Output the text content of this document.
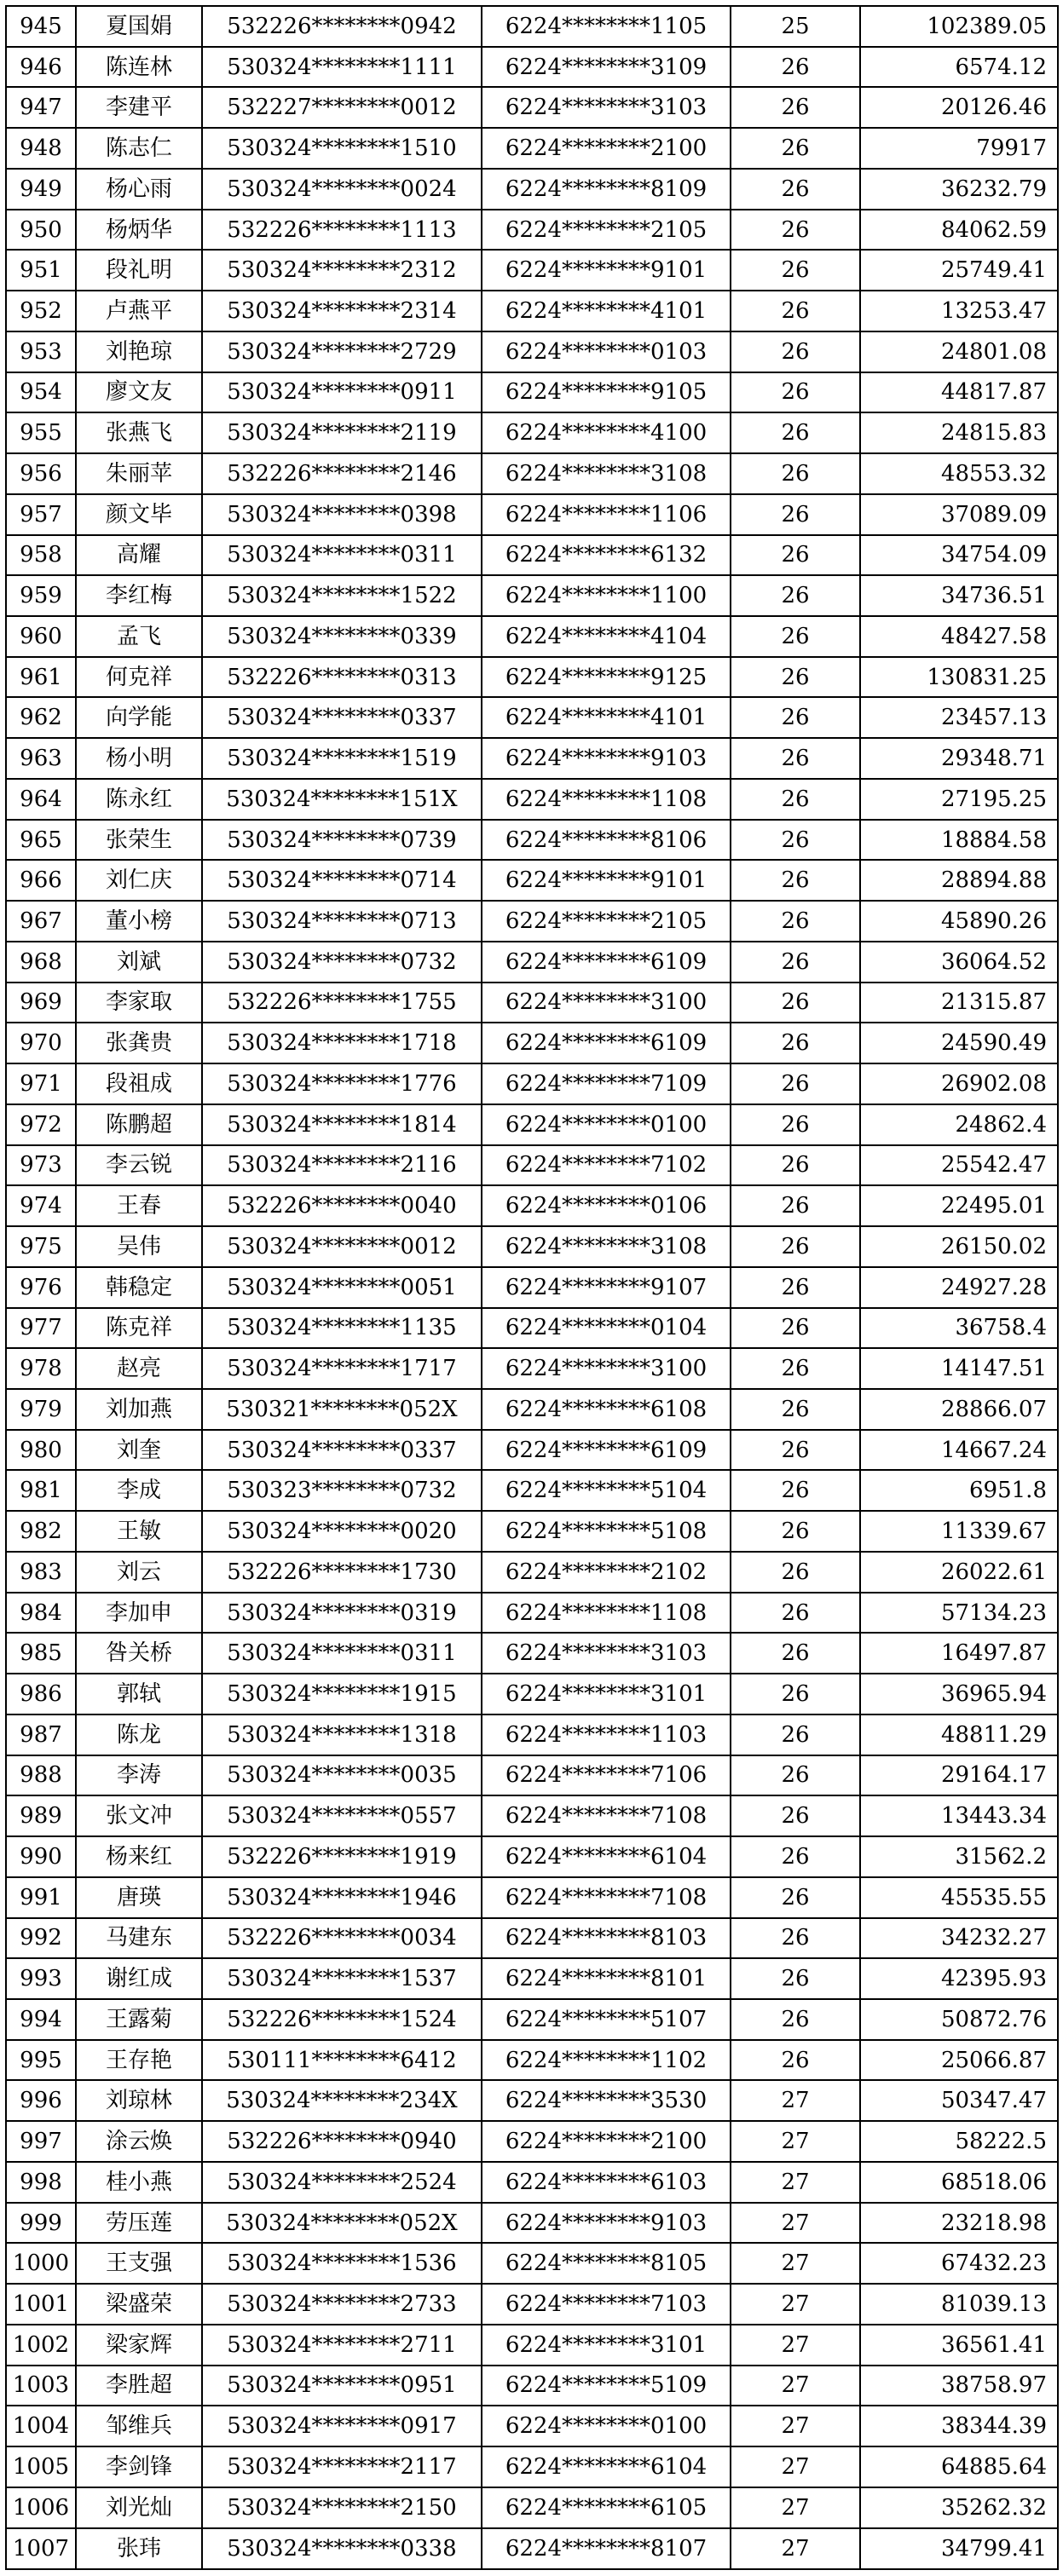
945	夏国娟	532226********0942	6224********1105	25	102389.05
946	陈连林	530324********1111	6224********3109	26	6574.12
947	李建平	532227********0012	6224********3103	26	20126.46
948	陈志仁	530324********1510	6224********2100	26	79917
949	杨心雨	530324********0024	6224********8109	26	36232.79
950	杨炳华	532226********1113	6224********2105	26	84062.59
951	段礼明	530324********2312	6224********9101	26	25749.41
952	卢燕平	530324********2314	6224********4101	26	13253.47
953	刘艳琼	530324********2729	6224********0103	26	24801.08
954	廖文友	530324********0911	6224********9105	26	44817.87
955	张燕飞	530324********2119	6224********4100	26	24815.83
956	朱丽苹	532226********2146	6224********3108	26	48553.32
957	颜文毕	530324********0398	6224********1106	26	37089.09
958	高耀	530324********0311	6224********6132	26	34754.09
959	李红梅	530324********1522	6224********1100	26	34736.51
960	孟飞	530324********0339	6224********4104	26	48427.58
961	何克祥	532226********0313	6224********9125	26	130831.25
962	向学能	530324********0337	6224********4101	26	23457.13
963	杨小明	530324********1519	6224********9103	26	29348.71
964	陈永红	530324********151X	6224********1108	26	27195.25
965	张荣生	530324********0739	6224********8106	26	18884.58
966	刘仁庆	530324********0714	6224********9101	26	28894.88
967	董小榜	530324********0713	6224********2105	26	45890.26
968	刘斌	530324********0732	6224********6109	26	36064.52
969	李家取	532226********1755	6224********3100	26	21315.87
970	张龚贵	530324********1718	6224********6109	26	24590.49
971	段祖成	530324********1776	6224********7109	26	26902.08
972	陈鹏超	530324********1814	6224********0100	26	24862.4
973	李云锐	530324********2116	6224********7102	26	25542.47
974	王春	532226********0040	6224********0106	26	22495.01
975	吴伟	530324********0012	6224********3108	26	26150.02
976	韩稳定	530324********0051	6224********9107	26	24927.28
977	陈克祥	530324********1135	6224********0104	26	36758.4
978	赵亮	530324********1717	6224********3100	26	14147.51
979	刘加燕	530321********052X	6224********6108	26	28866.07
980	刘奎	530324********0337	6224********6109	26	14667.24
981	李成	530323********0732	6224********5104	26	6951.8
982	王敏	530324********0020	6224********5108	26	11339.67
983	刘云	532226********1730	6224********2102	26	26022.61
984	李加申	530324********0319	6224********1108	26	57134.23
985	咎关桥	530324********0311	6224********3103	26	16497.87
986	郭轼	530324********1915	6224********3101	26	36965.94
987	陈龙	530324********1318	6224********1103	26	48811.29
988	李涛	530324********0035	6224********7106	26	29164.17
989	张文冲	530324********0557	6224********7108	26	13443.34
990	杨来红	532226********1919	6224********6104	26	31562.2
991	唐瑛	530324********1946	6224********7108	26	45535.55
992	马建东	532226********0034	6224********8103	26	34232.27
993	谢红成	530324********1537	6224********8101	26	42395.93
994	王露菊	532226********1524	6224********5107	26	50872.76
995	王存艳	530111********6412	6224********1102	26	25066.87
996	刘琼林	530324********234X	6224********3530	27	50347.47
997	涂云焕	532226********0940	6224********2100	27	58222.5
998	桂小燕	530324********2524	6224********6103	27	68518.06
999	劳压莲	530324********052X	6224********9103	27	23218.98
1000	王支强	530324********1536	6224********8105	27	67432.23
1001	梁盛荣	530324********2733	6224********7103	27	81039.13
1002	梁家辉	530324********2711	6224********3101	27	36561.41
1003	李胜超	530324********0951	6224********5109	27	38758.97
1004	邹维兵	530324********0917	6224********0100	27	38344.39
1005	李剑锋	530324********2117	6224********6104	27	64885.64
1006	刘光灿	530324********2150	6224********6105	27	35262.32
1007	张玮	530324********0338	6224********8107	27	34799.41
